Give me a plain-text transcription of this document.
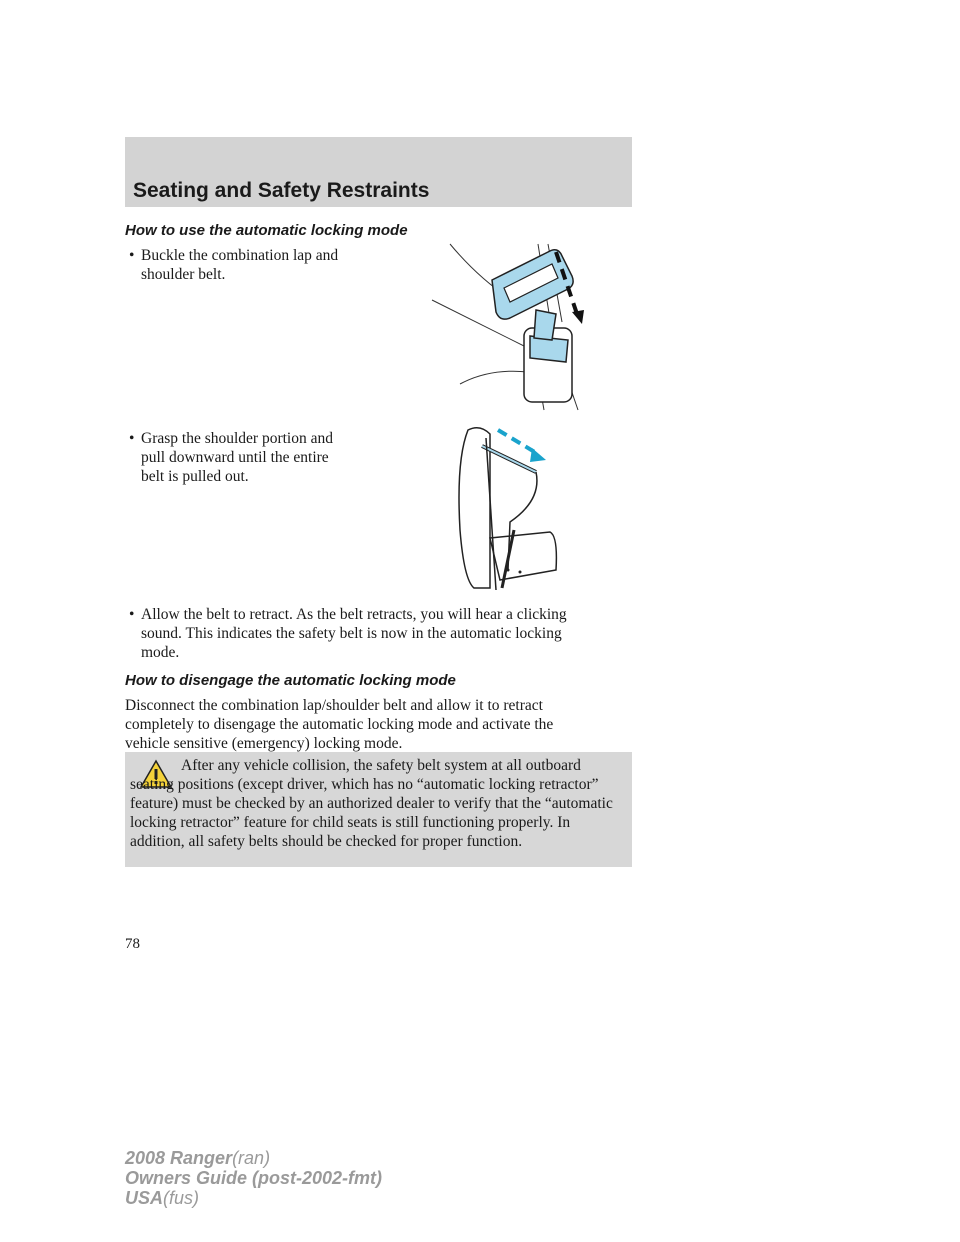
Seating and Safety Restraints
How to use the automatic locking mode
• Buckle the combination lap and
shoulder belt.
• Grasp the shoulder portion and
pull downward until the entire
belt is pulled out.
• Allow the belt to retract. As the belt retracts, you will hear a clicking
sound. This indicates the safety belt is now in the automatic locking
mode.
How to disengage the automatic locking mode
Disconnect the combination lap/shoulder belt and allow it to retract
completely to disengage the automatic locking mode and activate the
vehicle sensitive (emergency) locking mode.

After any vehicle collision, the safety belt system at all outboard seating positions (except driver, which has no “automatic locking retractor” feature) must be checked by an authorized dealer to verify that the “automatic locking retractor” feature for child seats is still functioning properly. In addition, all safety belts should be checked for proper function.

78

2008 Ranger(ran)
Owners Guide (post-2002-fmt)
USA(fus)
